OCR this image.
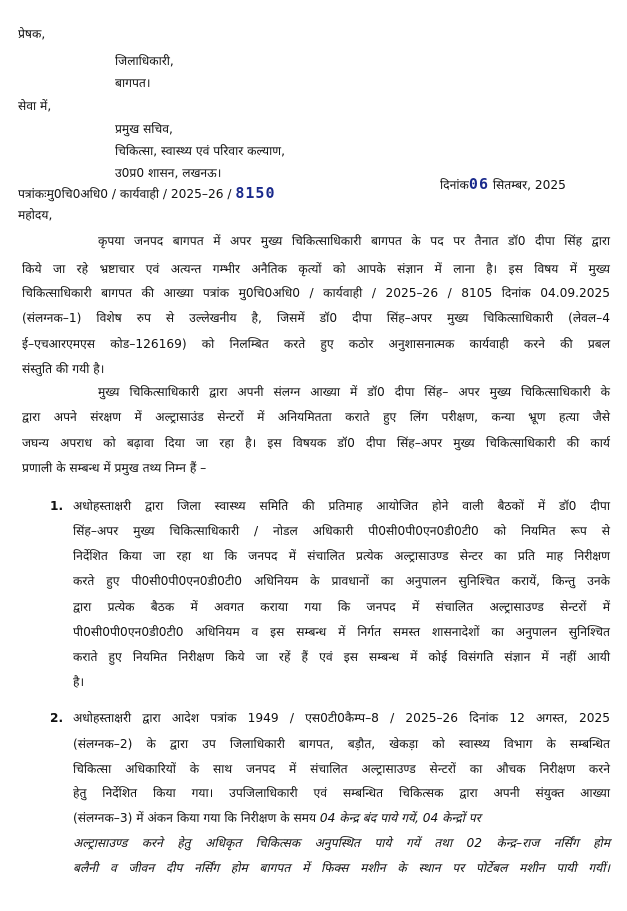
प्रेषक,
जिलाधिकारी,
बागपत।
सेवा में,
प्रमुख सचिव,
चिकित्सा, स्वास्थ्य एवं परिवार कल्याण,
उ0प्र0 शासन, लखनऊ।
पत्रांकःमु0चि0अधि0 / कार्यवाही / 2025–26 / 8150	दिनांक06 सितम्बर, 2025
महोदय,
कृपया जनपद बागपत में अपर मुख्य चिकित्साधिकारी बागपत के पद पर तैनात डॉ0 दीपा सिंह द्वारा
किये जा रहे भ्रष्टाचार एवं अत्यन्त गम्भीर अनैतिक कृत्यों को आपके संज्ञान में लाना है। इस विषय में मुख्य
चिकित्साधिकारी बागपत की आख्या पत्रांक मु0चि0अधि0 / कार्यवाही / 2025–26 / 8105 दिनांक 04.09.2025
(संलग्नक–1) विशेष रुप से उल्लेखनीय है, जिसमें डॉ0 दीपा सिंह–अपर मुख्य चिकित्साधिकारी (लेवल–4
ई–एचआरएमएस कोड–126169) को निलम्बित करते हुए कठोर अनुशासनात्मक कार्यवाही करने की प्रबल
संस्तुति की गयी है।
मुख्य चिकित्साधिकारी द्वारा अपनी संलग्न आख्या में डॉ0 दीपा सिंह– अपर मुख्य चिकित्साधिकारी के
द्वारा अपने संरक्षण में अल्ट्रासाउंड सेन्टरों में अनियमितता कराते हुए लिंग परीक्षण, कन्या भ्रूण हत्या जैसे
जघन्य अपराध को बढ़ावा दिया जा रहा है। इस विषयक डॉ0 दीपा सिंह–अपर मुख्य चिकित्साधिकारी की कार्य
प्रणाली के सम्बन्ध में प्रमुख तथ्य निम्न हैं –
1. अधोहस्ताक्षरी द्वारा जिला स्वास्थ्य समिति की प्रतिमाह आयोजित होने वाली बैठकों में डॉ0 दीपा
सिंह–अपर मुख्य चिकित्साधिकारी / नोडल अधिकारी पी0सी0पी0एन0डी0टी0 को नियमित रूप से
निर्देशित किया जा रहा था कि जनपद में संचालित प्रत्येक अल्ट्रासाउण्ड सेन्टर का प्रति माह निरीक्षण
करते हुए पी0सी0पी0एन0डी0टी0 अधिनियम के प्रावधानों का अनुपालन सुनिश्चित करायें, किन्तु उनके
द्वारा प्रत्येक बैठक में अवगत कराया गया कि जनपद में संचालित अल्ट्रासाउण्ड सेन्टरों में
पी0सी0पी0एन0डी0टी0 अधिनियम व इस सम्बन्ध में निर्गत समस्त शासनादेशों का अनुपालन सुनिश्चित
कराते हुए नियमित निरीक्षण किये जा रहें हैं एवं इस सम्बन्ध में कोई विसंगति संज्ञान में नहीं आयी
है।
2. अधोहस्ताक्षरी द्वारा आदेश पत्रांक 1949 / एस0टी0कैम्प–8 / 2025–26 दिनांक 12 अगस्त, 2025
(संलग्नक–2) के द्वारा उप जिलाधिकारी बागपत, बड़ौत, खेकड़ा को स्वास्थ्य विभाग के सम्बन्धित
चिकित्सा अधिकारियों के साथ जनपद में संचालित अल्ट्रासाउण्ड सेन्टरों का औचक निरीक्षण करने
हेतु निर्देशित किया गया। उपजिलाधिकारी एवं सम्बन्धित चिकित्सक द्वारा अपनी संयुक्त आख्या
(संलग्नक–3) में अंकन किया गया कि निरीक्षण के समय 04 केन्द्र बंद पाये गयें, 04 केन्द्रों पर
अल्ट्रासाउण्ड करने हेतु अधिकृत चिकित्सक अनुपस्थित पाये गयें तथा 02 केन्द्र–राज नर्सिंग होम
बलैनी व जीवन दीप नर्सिंग होम बागपत में फिक्स मशीन के स्थान पर पोर्टेबल मशीन पायी गयीं।
